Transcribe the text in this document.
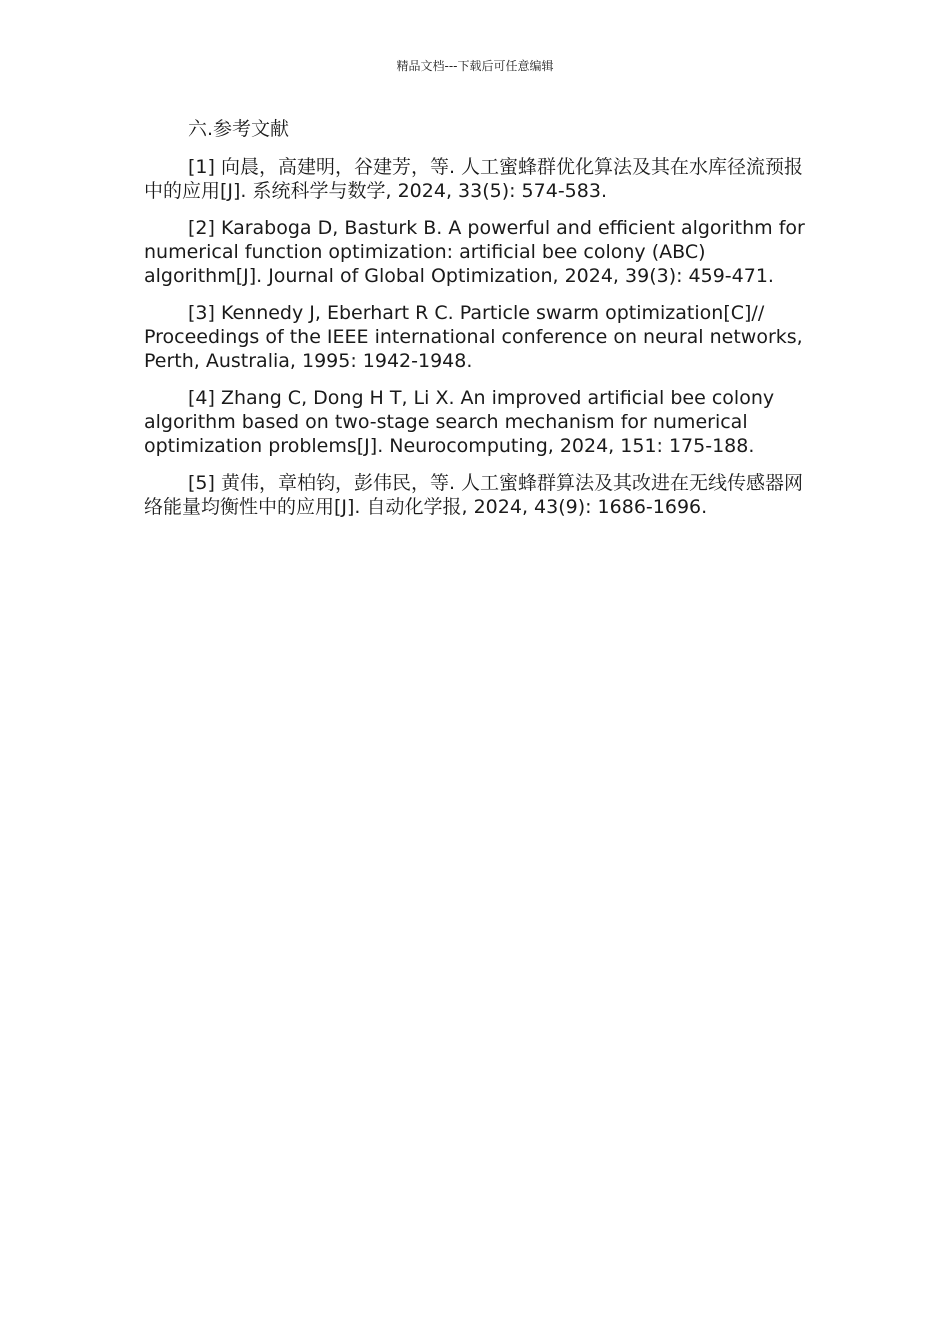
精品文档---下载后可任意编辑
六.参考文献

[1] 向晨，高建明，谷建芳，等. 人工蜜蜂群优化算法及其在水库径流预报中的应用[J]. 系统科学与数学, 2024, 33(5): 574-583.

[2] Karaboga D, Basturk B. A powerful and efficient algorithm for numerical function optimization: artificial bee colony (ABC) algorithm[J]. Journal of Global Optimization, 2024, 39(3): 459-471.

[3] Kennedy J, Eberhart R C. Particle swarm optimization[C]// Proceedings of the IEEE international conference on neural networks, Perth, Australia, 1995: 1942-1948.

[4] Zhang C, Dong H T, Li X. An improved artificial bee colony algorithm based on two-stage search mechanism for numerical optimization problems[J]. Neurocomputing, 2024, 151: 175-188.

[5] 黄伟，章柏钧，彭伟民，等. 人工蜜蜂群算法及其改进在无线传感器网络能量均衡性中的应用[J]. 自动化学报, 2024, 43(9): 1686-1696.
